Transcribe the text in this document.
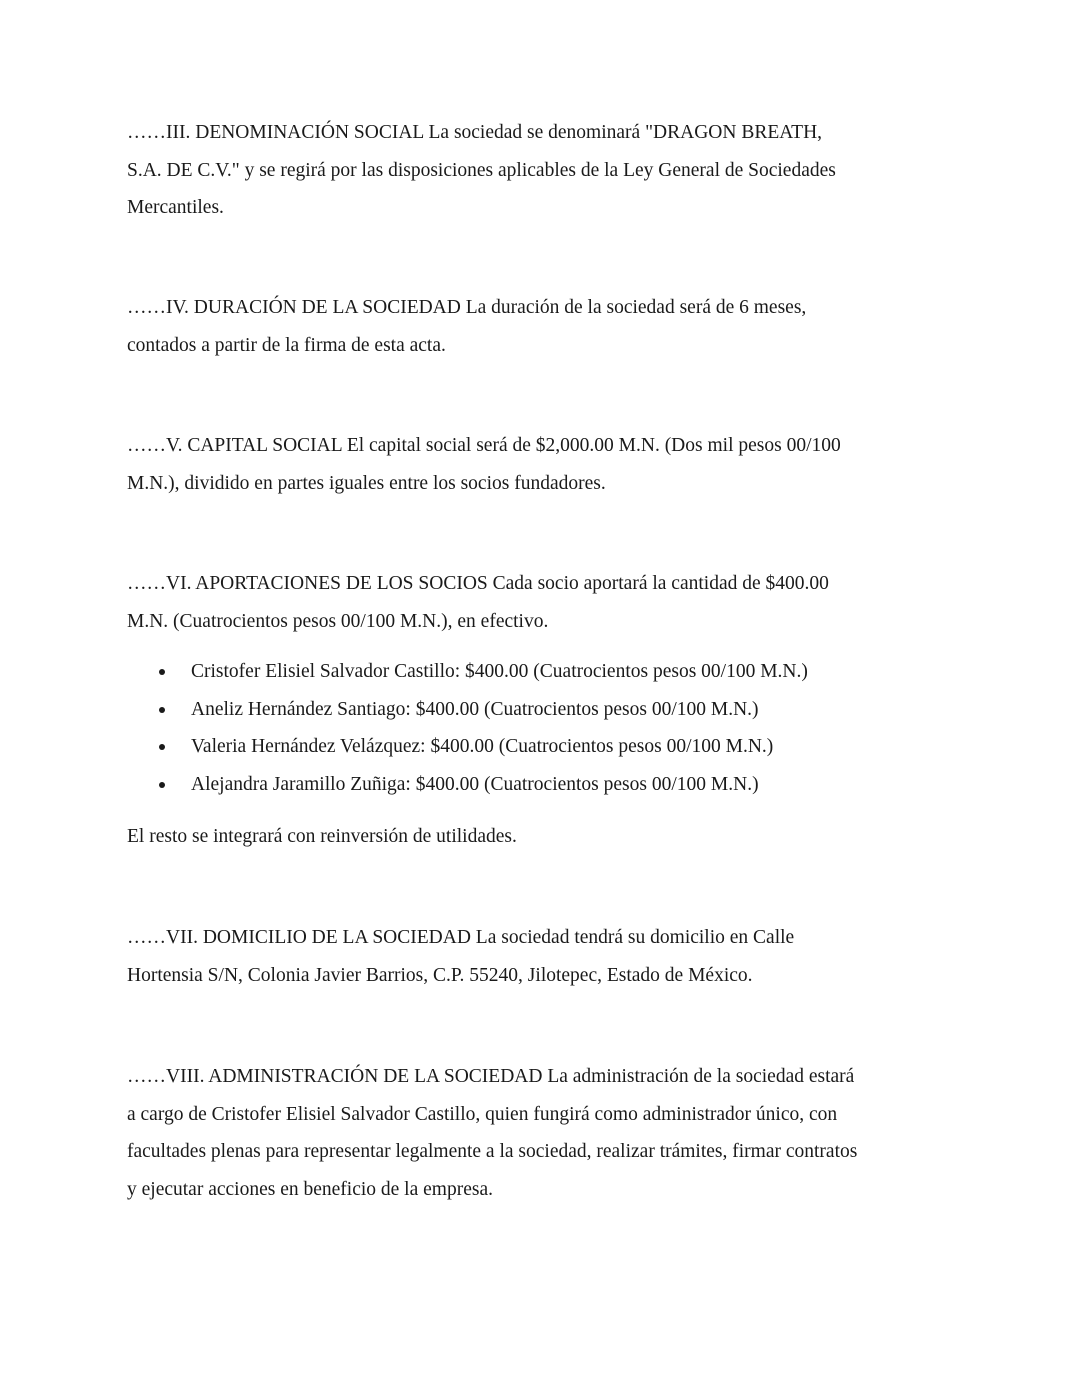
……III. DENOMINACIÓN SOCIAL La sociedad se denominará "DRAGON BREATH,
S.A. DE C.V." y se regirá por las disposiciones aplicables de la Ley General de Sociedades
Mercantiles.

……IV. DURACIÓN DE LA SOCIEDAD La duración de la sociedad será de 6 meses,
contados a partir de la firma de esta acta.

……V. CAPITAL SOCIAL El capital social será de $2,000.00 M.N. (Dos mil pesos 00/100
M.N.), dividido en partes iguales entre los socios fundadores.

……VI. APORTACIONES DE LOS SOCIOS Cada socio aportará la cantidad de $400.00
M.N. (Cuatrocientos pesos 00/100 M.N.), en efectivo.

Cristofer Elisiel Salvador Castillo: $400.00 (Cuatrocientos pesos 00/100 M.N.)
Aneliz Hernández Santiago: $400.00 (Cuatrocientos pesos 00/100 M.N.)
Valeria Hernández Velázquez: $400.00 (Cuatrocientos pesos 00/100 M.N.)
Alejandra Jaramillo Zuñiga: $400.00 (Cuatrocientos pesos 00/100 M.N.)

El resto se integrará con reinversión de utilidades.

……VII. DOMICILIO DE LA SOCIEDAD La sociedad tendrá su domicilio en Calle
Hortensia S/N, Colonia Javier Barrios, C.P. 55240, Jilotepec, Estado de México.

……VIII. ADMINISTRACIÓN DE LA SOCIEDAD La administración de la sociedad estará
a cargo de Cristofer Elisiel Salvador Castillo, quien fungirá como administrador único, con
facultades plenas para representar legalmente a la sociedad, realizar trámites, firmar contratos
y ejecutar acciones en beneficio de la empresa.
